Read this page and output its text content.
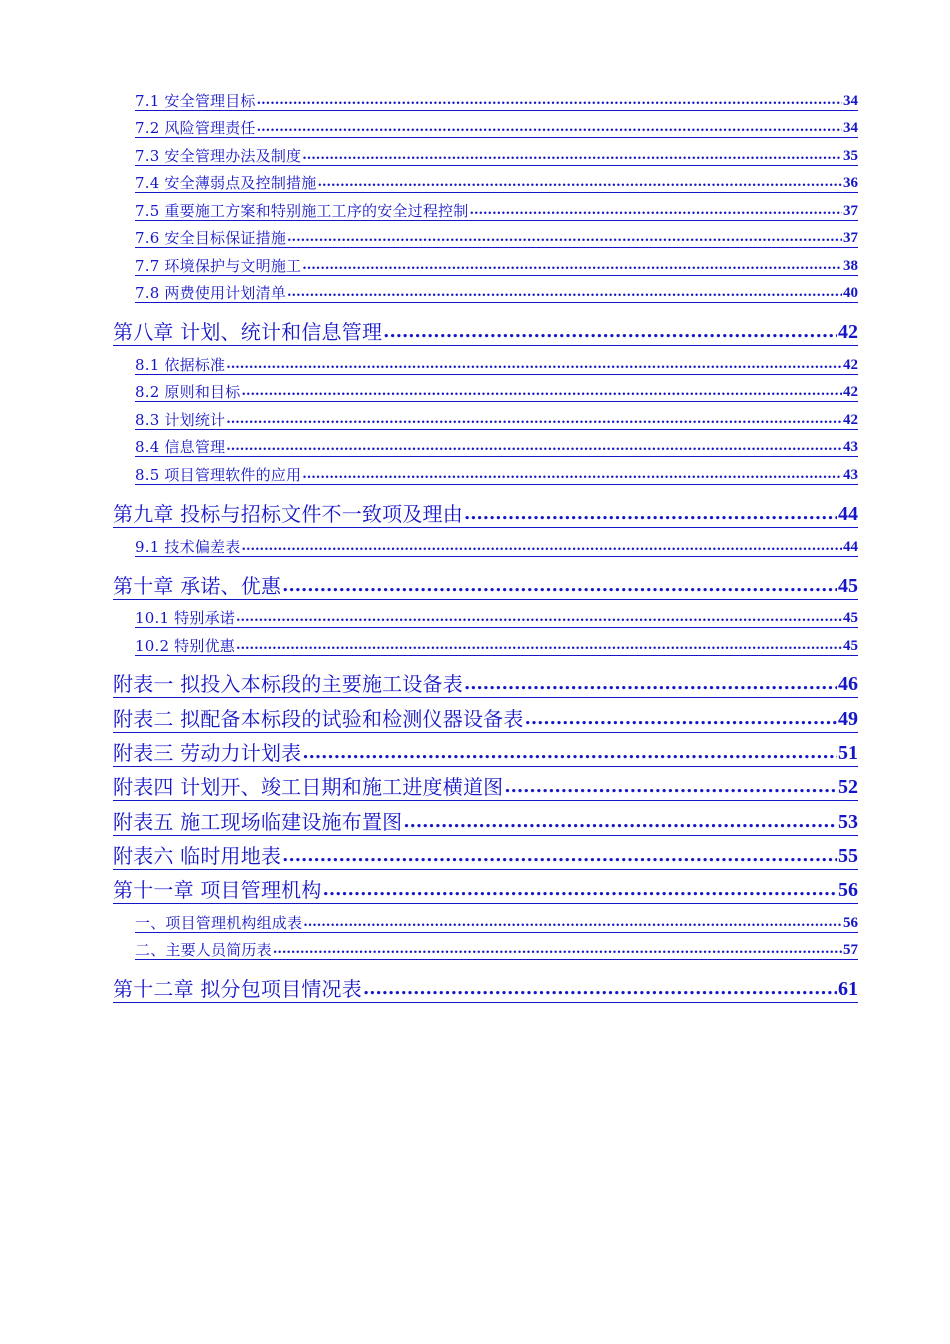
7.1 安全管理目标 .....	34
7.2 风险管理责任 .....	34
7.3 安全管理办法及制度 .....	35
7.4 安全薄弱点及控制措施 .....	36
7.5 重要施工方案和特别施工工序的安全过程控制 .....	37
7.6 安全目标保证措施 .....	37
7.7 环境保护与文明施工 .....	38
7.8 两费使用计划清单 .....	40
第八章 计划、统计和信息管理 .....	42
8.1 依据标准 .....	42
8.2 原则和目标 .....	42
8.3 计划统计 .....	42
8.4 信息管理 .....	43
8.5 项目管理软件的应用 .....	43
第九章 投标与招标文件不一致项及理由 .....	44
9.1 技术偏差表 .....	44
第十章 承诺、优惠 .....	45
10.1 特别承诺 .....	45
10.2 特别优惠 .....	45
附表一 拟投入本标段的主要施工设备表 .....	46
附表二 拟配备本标段的试验和检测仪器设备表 .....	49
附表三 劳动力计划表 .....	51
附表四 计划开、竣工日期和施工进度横道图 .....	52
附表五 施工现场临建设施布置图 .....	53
附表六 临时用地表 .....	55
第十一章 项目管理机构 .....	56
一、项目管理机构组成表 .....	56
二、主要人员简历表 .....	57
第十二章 拟分包项目情况表 .....	61
